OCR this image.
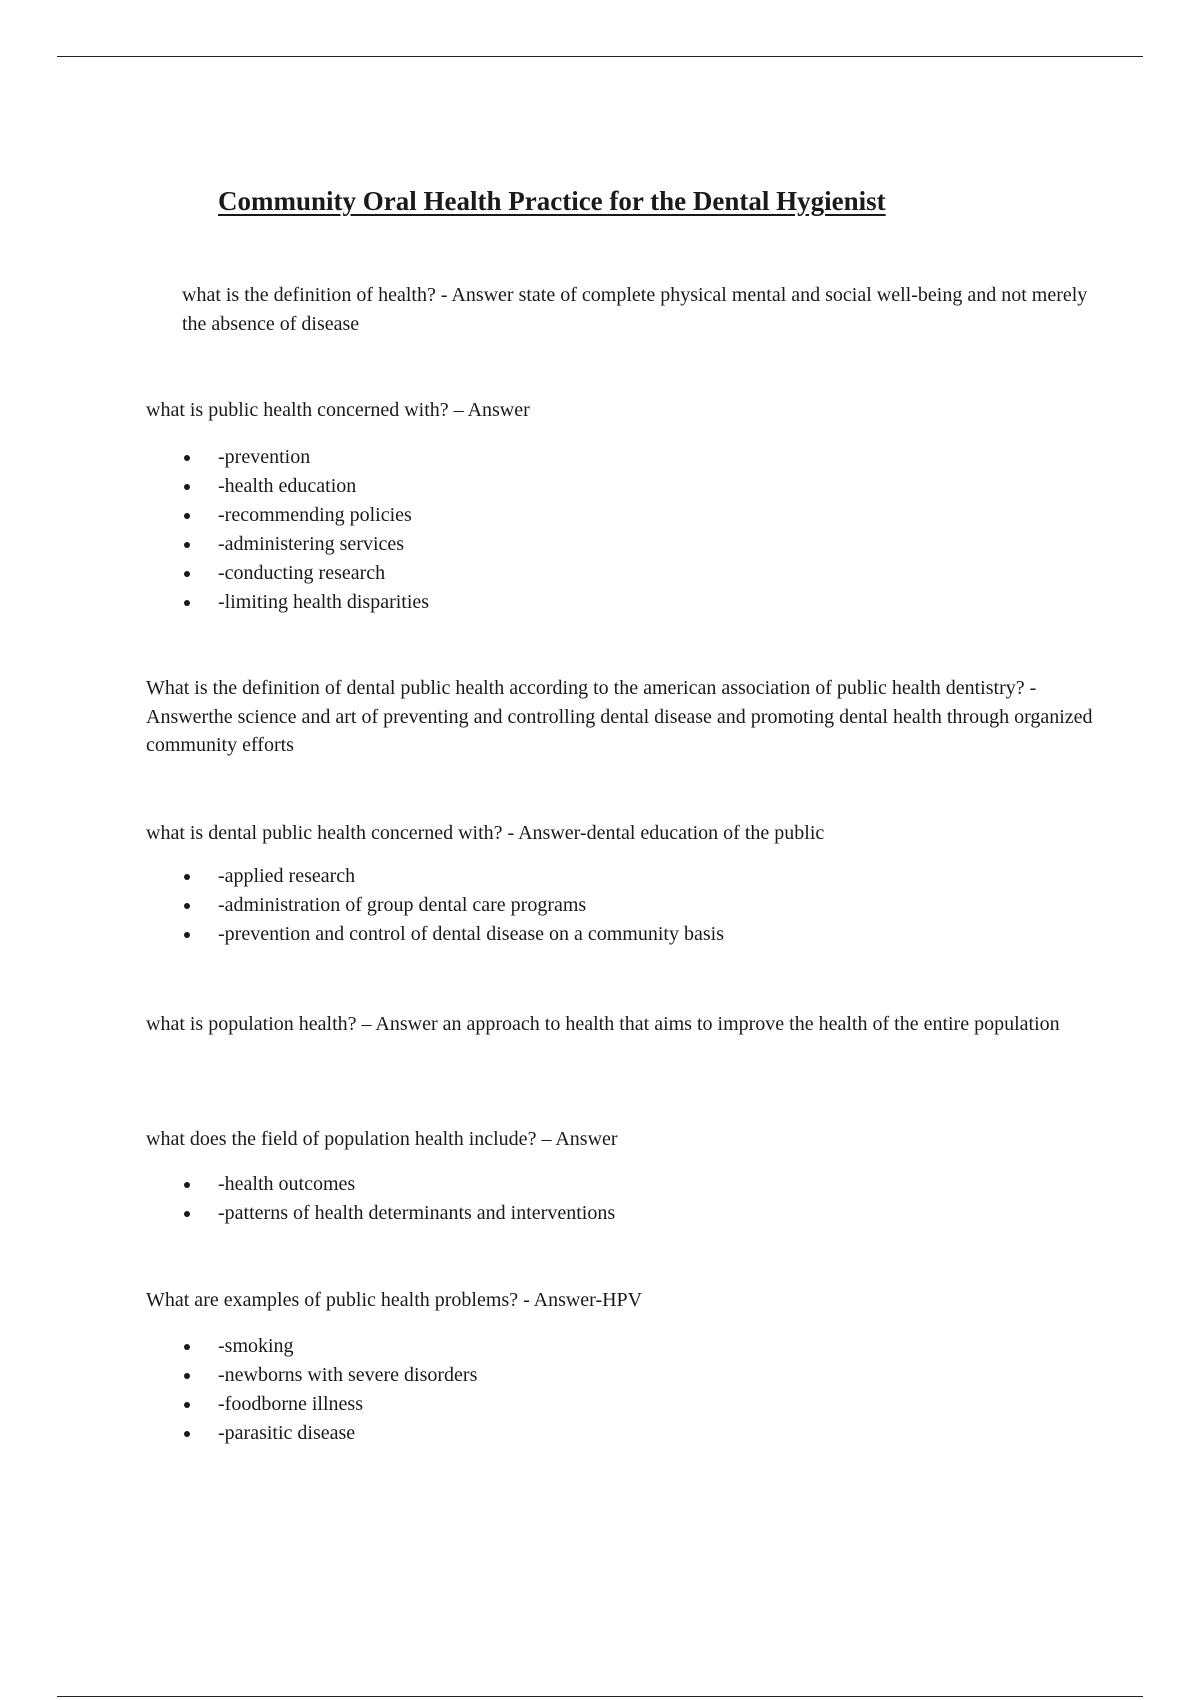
Community Oral Health Practice for the Dental Hygienist

what is the definition of health? - Answer state of complete physical mental and social well-being and not merely the absence of disease

what is public health concerned with? – Answer

-prevention
-health education
-recommending policies
-administering services
-conducting research
-limiting health disparities

What is the definition of dental public health according to the american association of public health dentistry? - Answerthe science and art of preventing and controlling dental disease and promoting dental health through organized community efforts

what is dental public health concerned with? - Answer-dental education of the public

-applied research
-administration of group dental care programs
-prevention and control of dental disease on a community basis

what is population health? – Answer an approach to health that aims to improve the health of the entire population

what does the field of population health include? – Answer

-health outcomes
-patterns of health determinants and interventions

What are examples of public health problems? - Answer-HPV

-smoking
-newborns with severe disorders
-foodborne illness
-parasitic disease
